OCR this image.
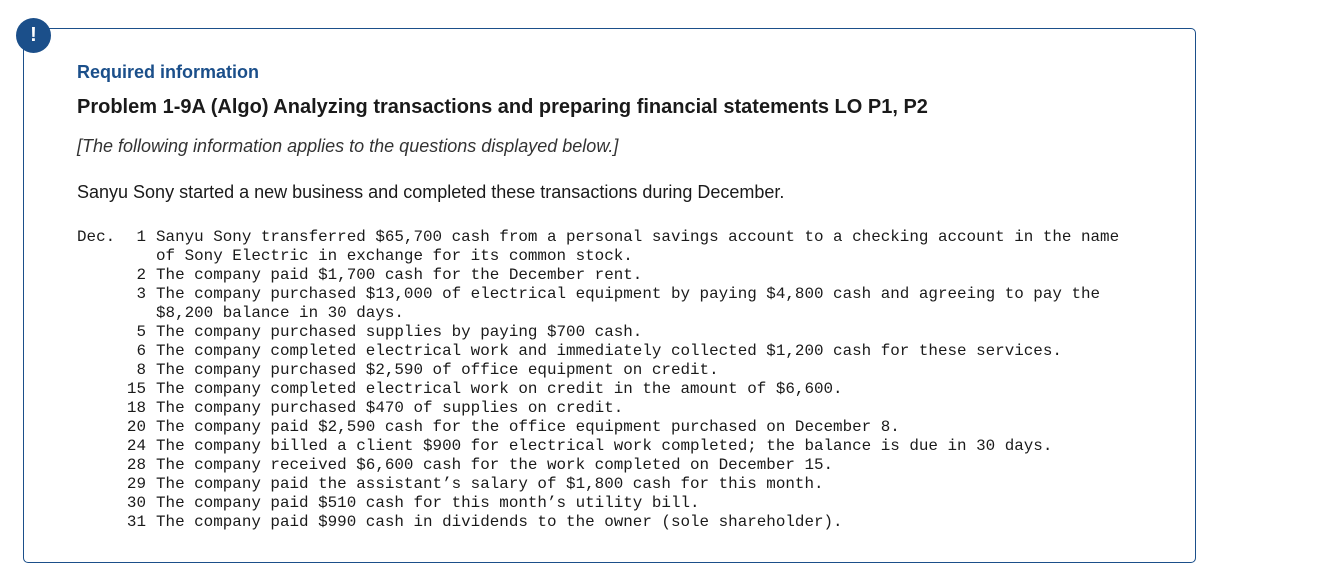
!
Required information
Problem 1-9A (Algo) Analyzing transactions and preparing financial statements LO P1, P2

[The following information applies to the questions displayed below.]

Sanyu Sony started a new business and completed these transactions during December.

Dec.	1 Sanyu Sony transferred $65,700 cash from a personal savings account to a checking account in the name
of Sony Electric in exchange for its common stock.
2 The company paid $1,700 cash for the December rent.
3 The company purchased $13,000 of electrical equipment by paying $4,800 cash and agreeing to pay the
$8,200 balance in 30 days.
5 The company purchased supplies by paying $700 cash.
6 The company completed electrical work and immediately collected $1,200 cash for these services.
8 The company purchased $2,590 of office equipment on credit.
15 The company completed electrical work on credit in the amount of $6,600.
18 The company purchased $470 of supplies on credit.
20 The company paid $2,590 cash for the office equipment purchased on December 8.
24 The company billed a client $900 for electrical work completed; the balance is due in 30 days.
28 The company received $6,600 cash for the work completed on December 15.
29 The company paid the assistant’s salary of $1,800 cash for this month.
30 The company paid $510 cash for this month’s utility bill.
31 The company paid $990 cash in dividends to the owner (sole shareholder).
